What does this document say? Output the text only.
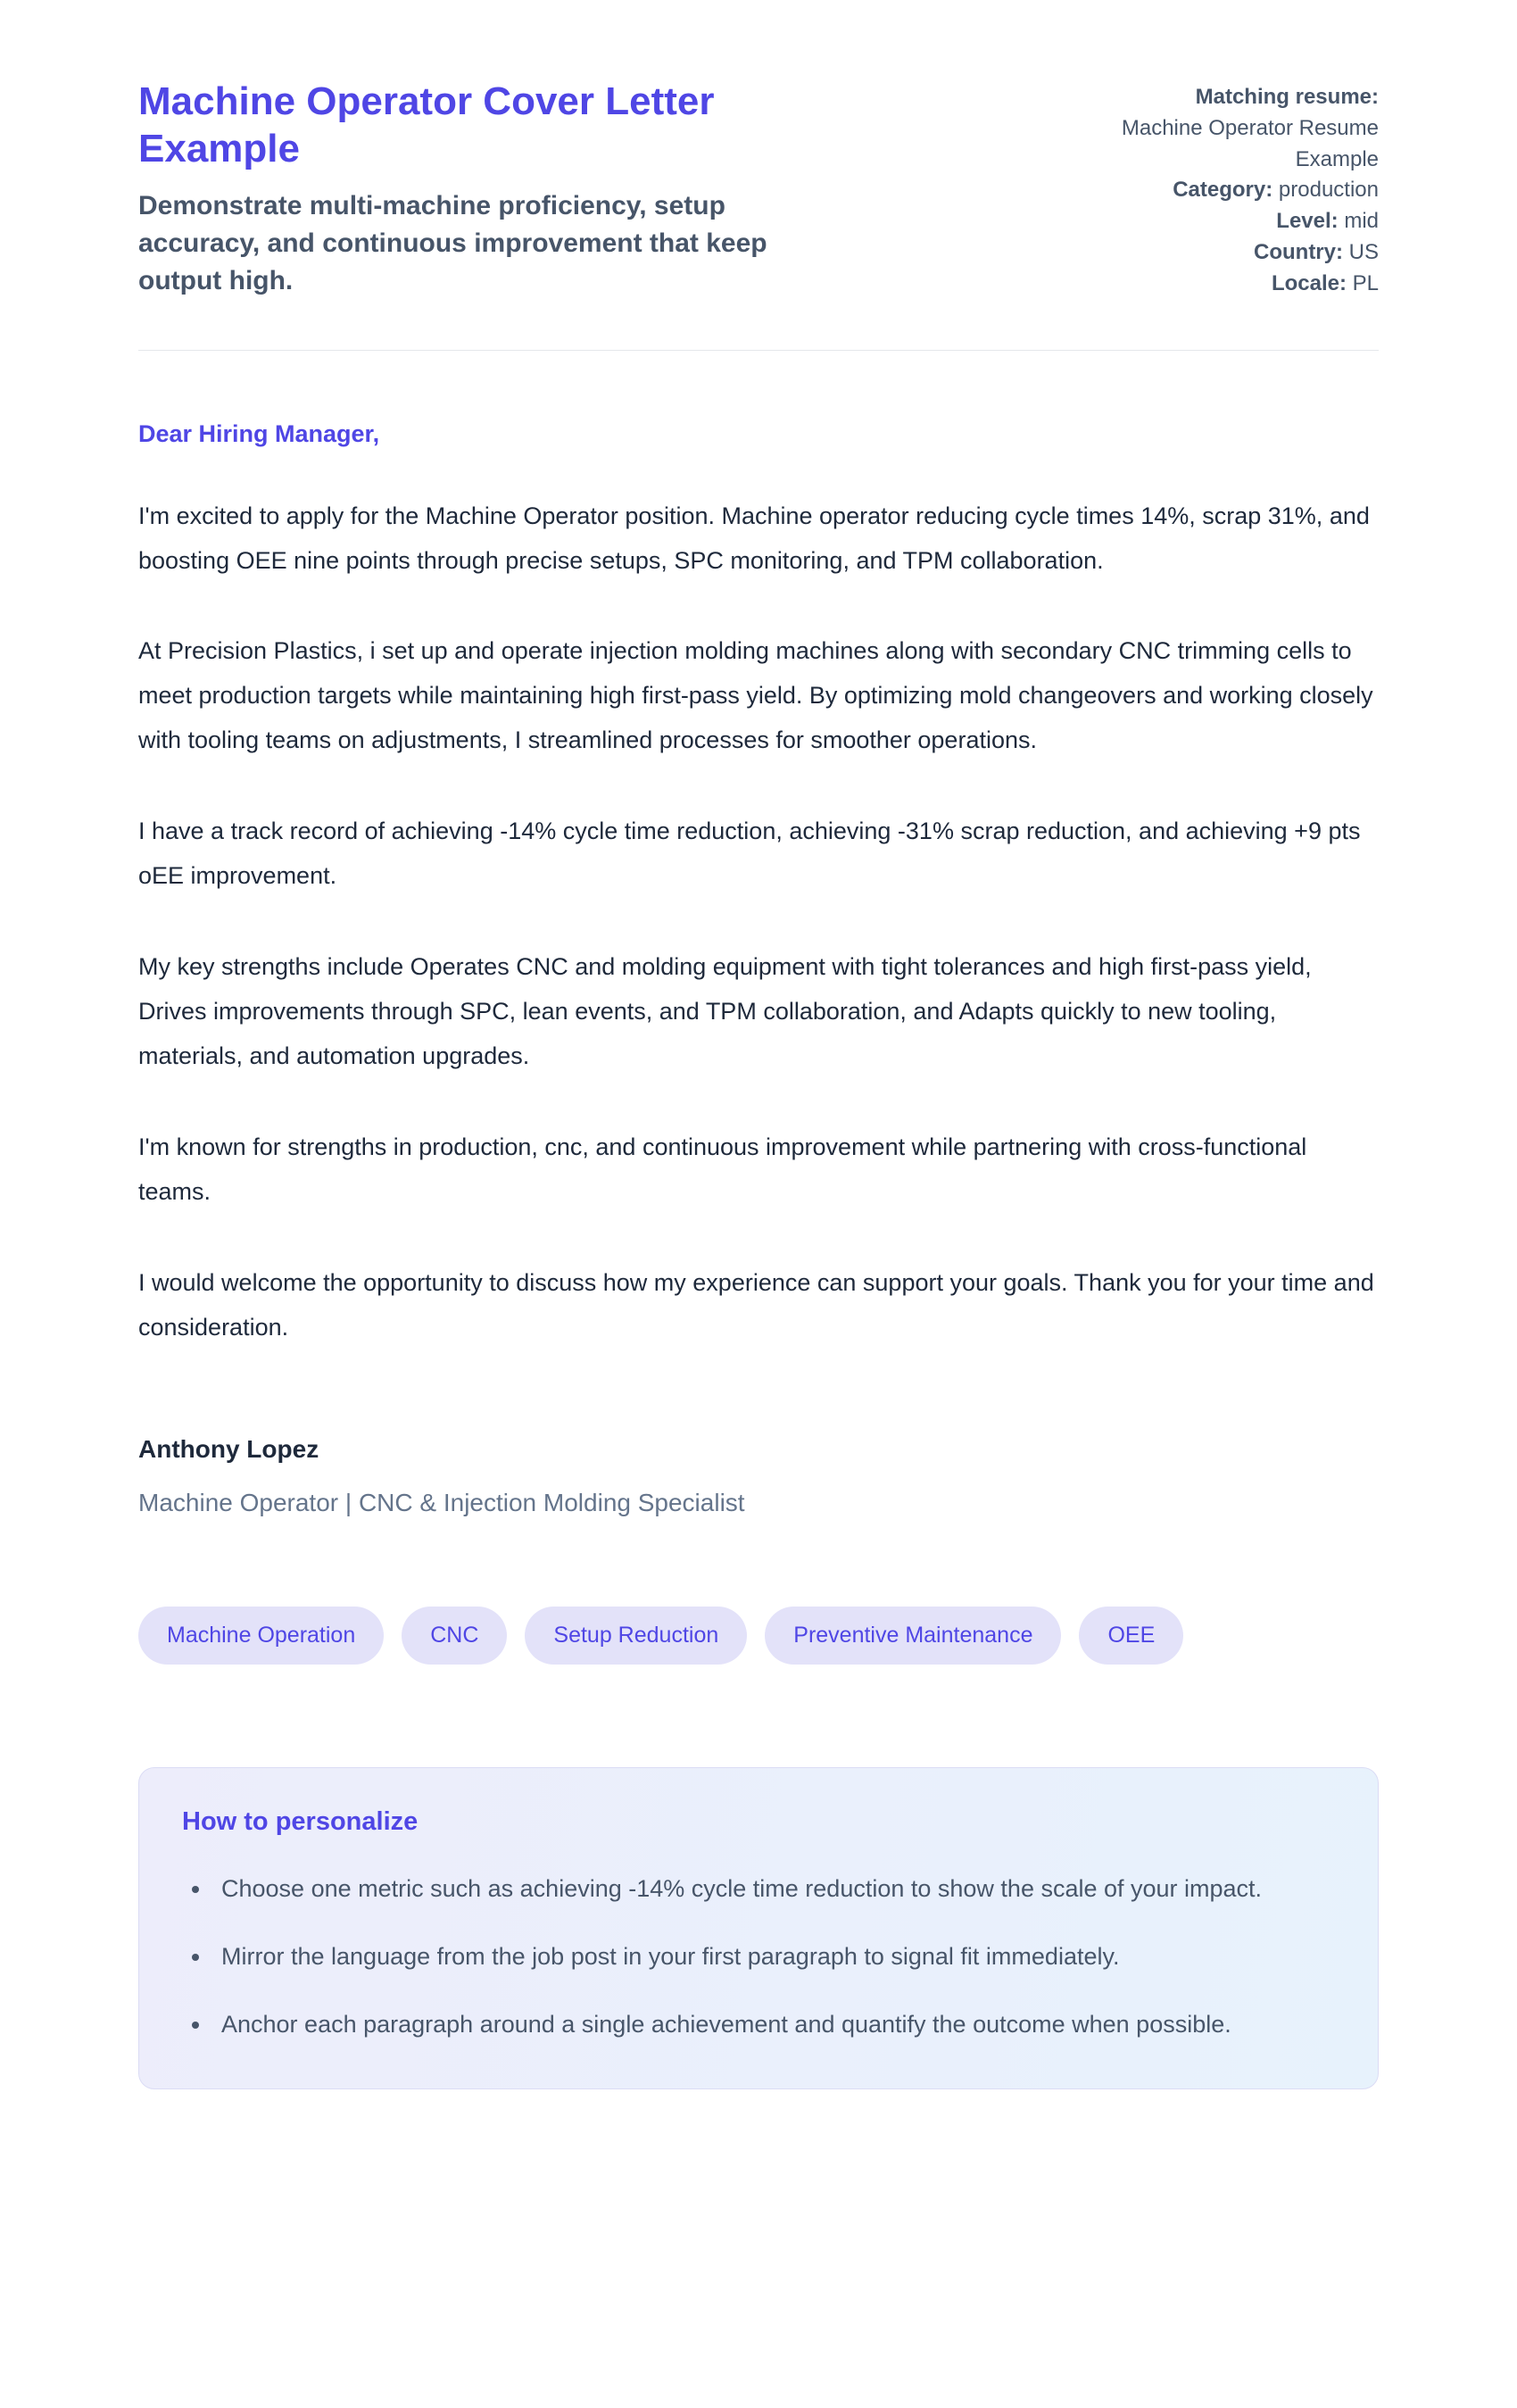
Machine Operator Cover Letter Example
Demonstrate multi-machine proficiency, setup accuracy, and continuous improvement that keep output high.
Matching resume: Machine Operator Resume Example
Category: production
Level: mid
Country: US
Locale: PL
Dear Hiring Manager,

I'm excited to apply for the Machine Operator position. Machine operator reducing cycle times 14%, scrap 31%, and boosting OEE nine points through precise setups, SPC monitoring, and TPM collaboration.

At Precision Plastics, i set up and operate injection molding machines along with secondary CNC trimming cells to meet production targets while maintaining high first-pass yield. By optimizing mold changeovers and working closely with tooling teams on adjustments, I streamlined processes for smoother operations.

I have a track record of achieving -14% cycle time reduction, achieving -31% scrap reduction, and achieving +9 pts oEE improvement.

My key strengths include Operates CNC and molding equipment with tight tolerances and high first-pass yield, Drives improvements through SPC, lean events, and TPM collaboration, and Adapts quickly to new tooling, materials, and automation upgrades.

I'm known for strengths in production, cnc, and continuous improvement while partnering with cross-functional teams.

I would welcome the opportunity to discuss how my experience can support your goals. Thank you for your time and consideration.

Anthony Lopez
Machine Operator | CNC & Injection Molding Specialist
Machine Operation	CNC	Setup Reduction	Preventive Maintenance	OEE
How to personalize
• Choose one metric such as achieving -14% cycle time reduction to show the scale of your impact.
• Mirror the language from the job post in your first paragraph to signal fit immediately.
• Anchor each paragraph around a single achievement and quantify the outcome when possible.
